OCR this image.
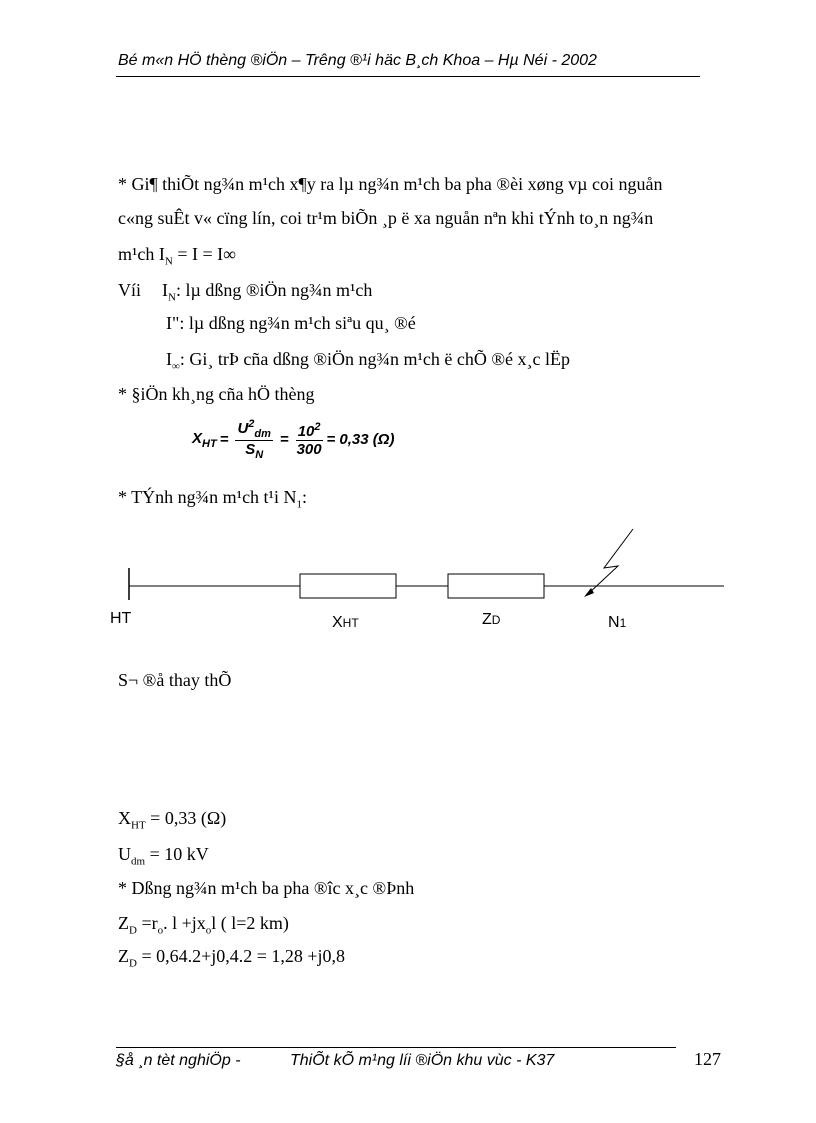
Bé m«n HÖ thèng ®iÖn – Trêng ®¹i häc B¸ch Khoa – Hµ Néi - 2002
* Gi¶ thiÕt ng¾n m¹ch x¶y ra lµ ng¾n m¹ch ba pha ®èi xøng vµ coi nguån
c«ng suÊt v« cïng lín, coi tr¹m biÕn ¸p ë xa nguån nªn khi tÝnh to¸n ng¾n
m¹ch $I_N = I = I\infty$
Víi $I_N$: lµ dßng ®iÖn ng¾n m¹ch
I": lµ dßng ng¾n m¹ch siªu qu¸ ®é
$I_\infty$: Gi¸ trÞ cña dßng ®iÖn ng¾n m¹ch ë chÕ ®é x¸c lËp
* §iÖn kh¸ng cña hÖ thèng
$X_{HT} = \frac{U^2_{dm}}{S_N} = \frac{10^2}{300} = 0,33$ (Ω)
* TÝnh ng¾n m¹ch t¹i $N_1$:
HT	XHT	ZD	N1
S¬ ®å thay thÕ
$X_{HT} = 0,33$ (Ω)
$U_{dm} = 10$ kV
* Dßng ng¾n m¹ch ba pha ®îc x¸c ®Þnh
$Z_D =r_o$. $l +jx_ol$ ( l=2 km)
$Z_D = 0,64.2+j0,4.2 = 1,28 +j0,8$
§å ¸n tèt nghiÖp -	ThiÕt kÕ m¹ng líi ®iÖn khu vùc - K37	127
